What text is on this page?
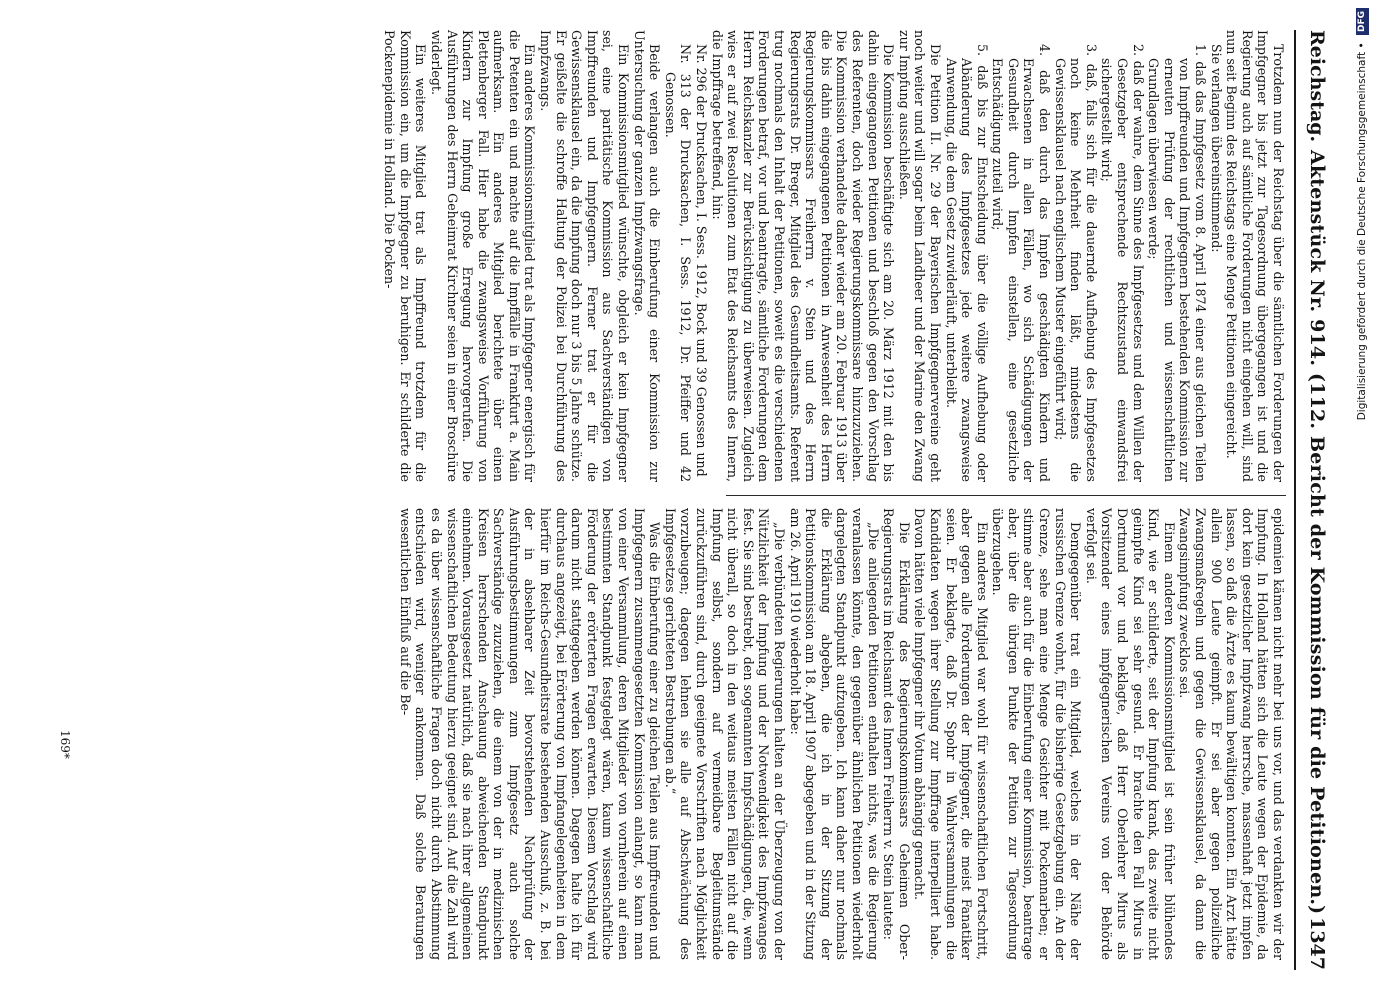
Reichstag.
Aktenstück Nr. 914. (112. Bericht der Kommission für die Petitionen.)
1347

Trotzdem nun der Reichstag über die sämtlichen Forderungen der Impfgegner bis jetzt zur Tagesordnung übergegangen ist und die Regierung auch auf sämtliche Forderungen nicht eingehen will, sind nun seit Beginn des Reichstags eine Menge Petitionen eingereicht.

Sie verlangen übereinstimmend:

1. daß das Impfgesetz vom 8. April 1874 einer aus gleichen Teilen von Impffreunden und Impfgegnern bestehenden Kommission zur erneuten Prüfung der rechtlichen und wissenschaftlichen Grundlagen überwiesen werde;

2. daß der wahre, dem Sinne des Impfgesetzes und dem Willen der Gesetzgeber entsprechende Rechtszustand einwandsfrei sichergestellt wird;

3. daß, falls sich für die dauernde Aufhebung des Impfgesetzes noch keine Mehrheit finden läßt, mindestens die Gewissensklausel nach englischem Muster eingeführt wird;

4. daß den durch das Impfen geschädigten Kindern und Erwachsenen in allen Fällen, wo sich Schädigungen der Gesundheit durch Impfen einstellen, eine gesetzliche Entschädigung zuteil wird;

5. daß bis zur Entscheidung über die völlige Aufhebung oder Abänderung des Impfgesetzes jede weitere zwangsweise Anwendung, die dem Gesetz zuwiderläuft, unterbleibt.

Die Petition II. Nr. 29 der Bayerischen Impfgegnervereine geht noch weiter und will sogar beim Landheer und der Marine den Zwang zur Impfung ausschließen.

Die Kommission beschäftigte sich am 20. März 1912 mit den bis dahin eingegangenen Petitionen und beschloß gegen den Vorschlag des Referenten, doch wieder Regierungskommissare hinzuzuziehen. Die Kommission verhandelte daher wieder am 20. Februar 1913 über die bis dahin eingegangenen Petitionen in Anwesenheit des Herrn Regierungskommissars Freiherrn v. Stein und des Herrn Regierungsrats Dr. Breger, Mitglied des Gesundheitsamts. Referent trug nochmals den Inhalt der Petitionen, soweit es die verschiedenen Forderungen betraf, vor und beantragte, sämtliche Forderungen dem Herrn Reichskanzler zur Berücksichtigung zu überweisen. Zugleich wies er auf zwei Resolutionen zum Etat des Reichsamts des Innern, die Impffrage betreffend, hin:

Nr. 296 der Drucksachen, I. Sess. 1912, Bock und 39 Genossen und

Nr. 313 der Drucksachen, I. Sess. 1912, Dr. Pfeiffer und 42 Genossen.

Beide verlangen auch die Einberufung einer Kommission zur Untersuchung der ganzen Impfzwangsfrage.

Ein Kommissionsmitglied wünschte, obgleich er kein Impfgegner sei, eine paritätische Kommission aus Sachverständigen von Impffreunden und Impfgegnern. Ferner trat er für die Gewissensklausel ein, da die Impfung doch nur 3 bis 5 Jahre schütze. Er geißelte die schroffe Haltung der Polizei bei Durchführung des Impfzwangs.

Ein anderes Kommissionsmitglied trat als Impfgegner energisch für die Petenten ein und machte auf die Impffälle in Frankfurt a. Main aufmerksam. Ein anderes Mitglied berichtete über einen Plettenberger Fall. Hier habe die zwangsweise Vorführung von Kindern zur Impfung große Erregung hervorgerufen. Die Ausführungen des Herrn Geheimrat Kirchner seien in einer Broschüre widerlegt.

Ein weiteres Mitglied trat als Impffreund trotzdem für die Kommission ein, um die Impfgegner zu beruhigen. Er schilderte die Pockenepidemie in Holland. Die Pocken-

epidemien kämen nicht mehr bei uns vor, und das verdankten wir der Impfung. In Holland hätten sich die Leute wegen der Epidemie, da dort kein gesetzlicher Impfzwang herrsche, massenhaft jetzt impfen lassen, so daß die Ärzte es kaum bewältigen konnten. Ein Arzt hätte allein 900 Leute geimpft. Er sei aber gegen polizeiliche Zwangsmaßregeln und gegen die Gewissensklausel, da dann die Zwangsimpfung zwecklos sei.

Einem anderen Kommissionsmitglied ist sein früher blühendes Kind, wie er schilderte, seit der Impfung krank, das zweite nicht geimpfte Kind sei sehr gesund. Er brachte den Fall Mirus in Dortmund vor und beklagte, daß Herr Oberlehrer Mirus als Vorsitzender eines impfgegnerischen Vereins von der Behörde verfolgt sei.

Demgegenüber trat ein Mitglied, welches in der Nähe der russischen Grenze wohnt, für die bisherige Gesetzgebung ein. An der Grenze, sehe man eine Menge Gesichter mit Pockennarben; er stimme aber auch für die Einberufung einer Kommission, beantrage aber, über die übrigen Punkte der Petition zur Tagesordnung überzugehen.

Ein anderes Mitglied war wohl für wissenschaftlichen Fortschritt, aber gegen alle Forderungen der Impfgegner, die meist Fanatiker seien. Er beklagte, daß Dr. Spohr in Wahlversammlungen die Kandidaten wegen ihrer Stellung zur Impffrage interpelliert habe. Davon hätten viele Impfgegner ihr Votum abhängig gemacht.

Die Erklärung des Regierungskommissars Geheimen Ober-Regierungsrats im Reichsamt des Innern Freiherrn v. Stein lautete:

„Die anliegenden Petitionen enthalten nichts, was die Regierung veranlassen könnte, den gegenüber ähnlichen Petitionen wiederholt dargelegten Standpunkt aufzugeben. Ich kann daher nur nochmals die Erklärung abgeben, die ich in der Sitzung der Petitionskommission am 18. April 1907 abgegeben und in der Sitzung am 26. April 1910 wiederholt habe:

„Die verbündeten Regierungen halten an der Überzeugung von der Nützlichkeit der Impfung und der Notwendigkeit des Impfzwanges fest. Sie sind bestrebt, den sogenannten Impfschädigungen, die, wenn nicht überall, so doch in den weitaus meisten Fällen nicht auf die Impfung selbst, sondern auf vermeidbare Begleitumstände zurückzuführen sind, durch geeignete Vorschriften nach Möglichkeit vorzubeugen; dagegen lehnen sie alle auf Abschwächung des Impfgesetzes gerichteten Bestrebungen ab.“

Was die Einberufung einer zu gleichen Teilen aus Impffreunden und Impfgegnern zusammengesetzten Kommission anlangt, so kann man von einer Versammlung, deren Mitglieder von vornherein auf einen bestimmten Standpunkt festgelegt wären, kaum wissenschaftliche Förderung der erörterten Fragen erwarten. Diesem Vorschlag wird darum nicht stattgegeben werden können. Dagegen halte ich für durchaus angezeigt, bei Erörterung von Impfangelegenheiten in dem hierfür im Reichs-Gesundheitsrate bestehenden Ausschuß, z. B. bei der in absehbarer Zeit bevorstehenden Nachprüfung der Ausführungsbestimmungen zum Impfgesetz auch solche Sachverständige zuzuziehen, die einem von der in medizinischen Kreisen herrschenden Anschauung abweichenden Standpunkt einnehmen. Vorausgesetzt natürlich, daß sie nach ihrer allgemeinen wissenschaftlichen Bedeutung hierzu geeignet sind. Auf die Zahl wird es da über wissenschaftliche Fragen doch nicht durch Abstimmung entschieden wird, weniger ankommen. Daß solche Beratungen wesentlichen Einfluß auf die Be-

169*
Digitalisierung gefördert durch die Deutsche Forschungsgemeinschaft • DFG
